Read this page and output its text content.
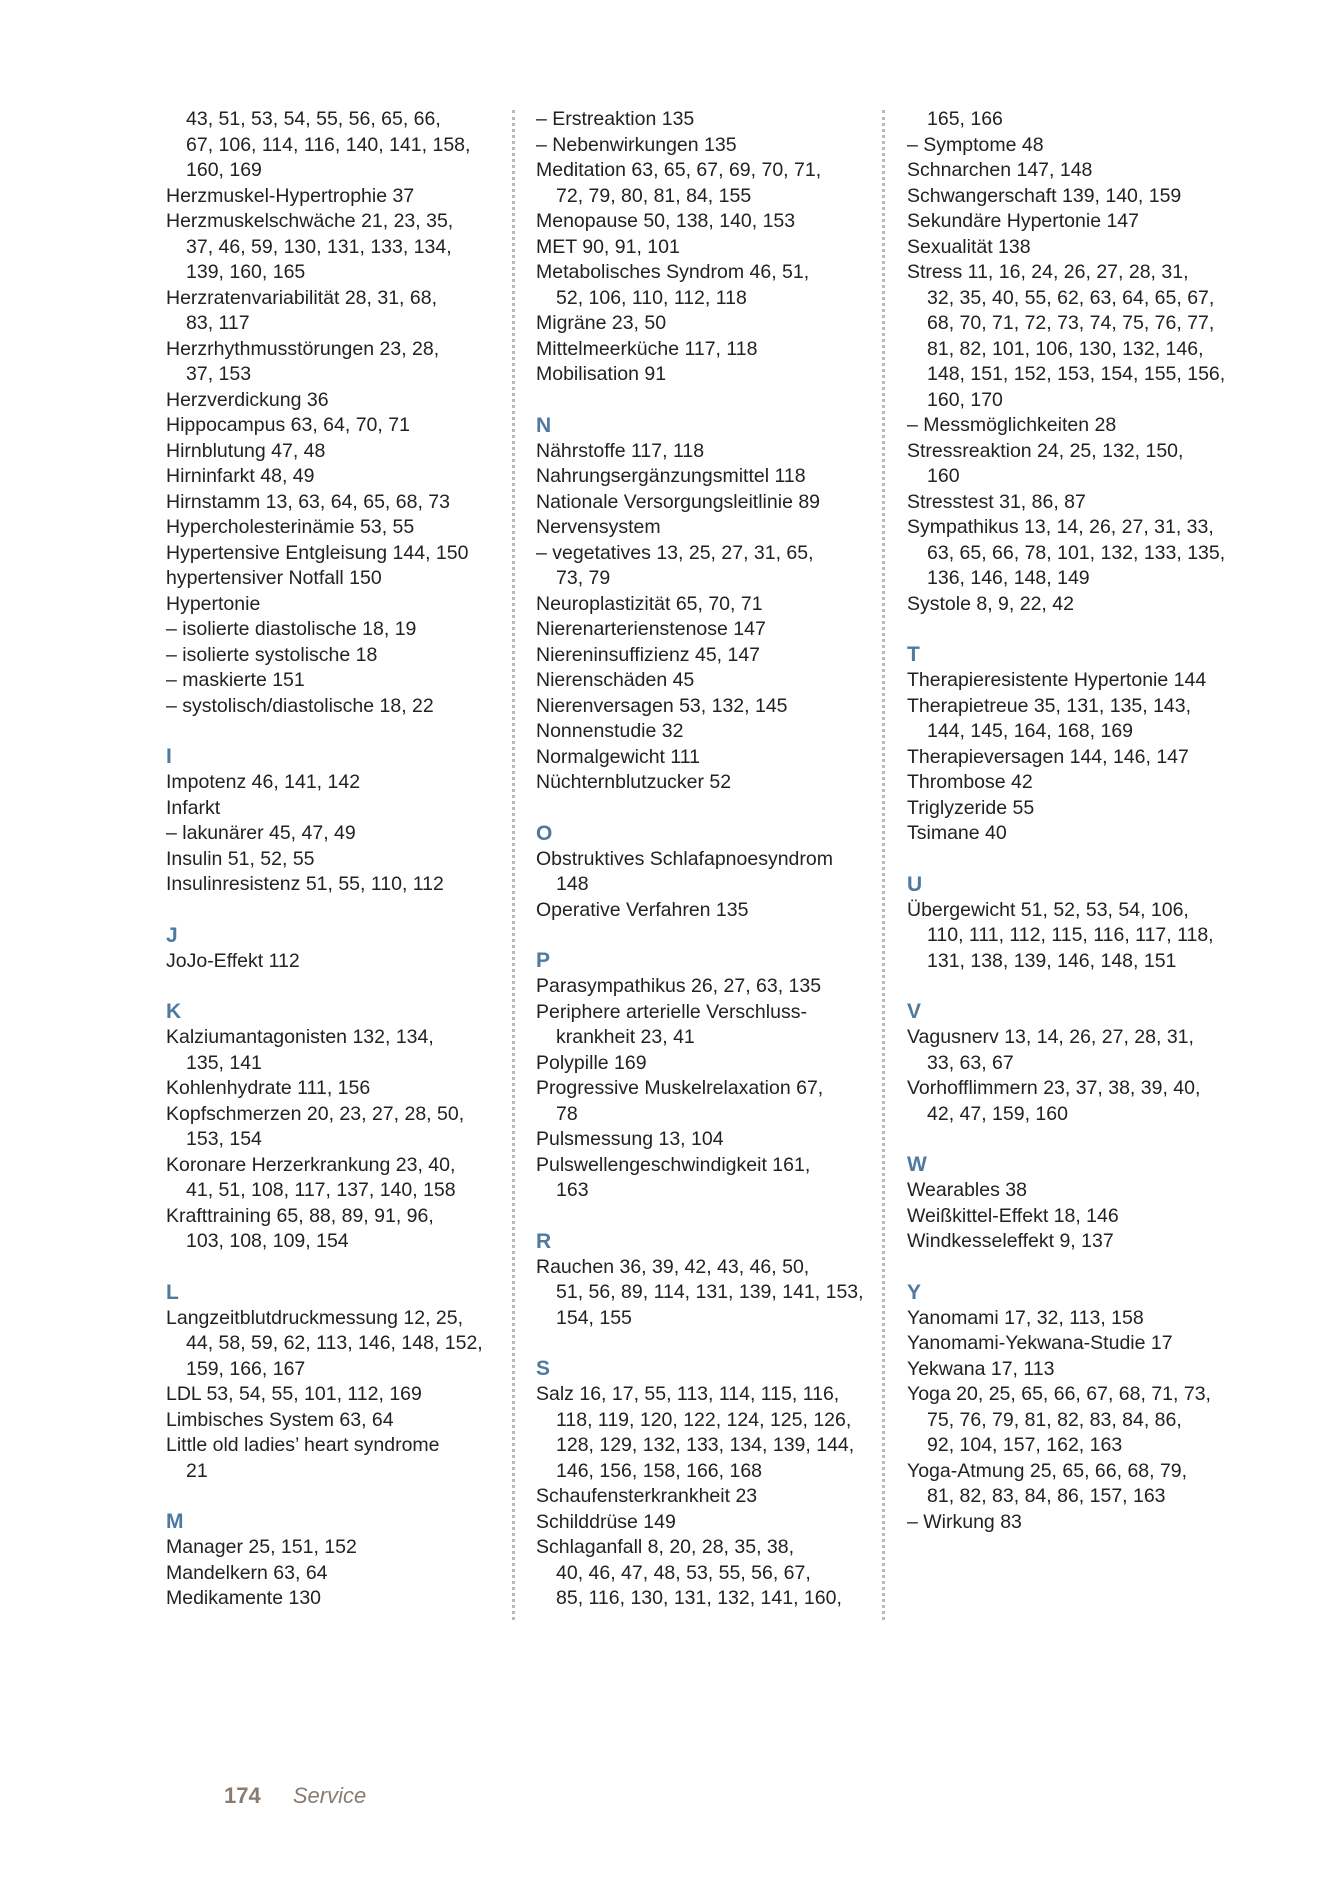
43, 51, 53, 54, 55, 56, 65, 66,
67, 106, 114, 116, 140, 141, 158,
160, 169
Herzmuskel-Hypertrophie 37
Herzmuskelschwäche 21, 23, 35,
37, 46, 59, 130, 131, 133, 134,
139, 160, 165
Herzratenvariabilität 28, 31, 68,
83, 117
Herzrhythmusstörungen 23, 28,
37, 153
Herzverdickung 36
Hippocampus 63, 64, 70, 71
Hirnblutung 47, 48
Hirninfarkt 48, 49
Hirnstamm 13, 63, 64, 65, 68, 73
Hypercholesterinämie 53, 55
Hypertensive Entgleisung 144, 150
hypertensiver Notfall 150
Hypertonie
– isolierte diastolische 18, 19
– isolierte systolische 18
– maskierte 151
– systolisch/diastolische 18, 22
I
Impotenz 46, 141, 142
Infarkt
– lakunärer 45, 47, 49
Insulin 51, 52, 55
Insulinresistenz 51, 55, 110, 112
J
JoJo-Effekt 112
K
Kalziumantagonisten 132, 134,
135, 141
Kohlenhydrate 111, 156
Kopfschmerzen 20, 23, 27, 28, 50,
153, 154
Koronare Herzerkrankung 23, 40,
41, 51, 108, 117, 137, 140, 158
Krafttraining 65, 88, 89, 91, 96,
103, 108, 109, 154
L
Langzeitblutdruckmessung 12, 25,
44, 58, 59, 62, 113, 146, 148, 152,
159, 166, 167
LDL 53, 54, 55, 101, 112, 169
Limbisches System 63, 64
Little old ladies’ heart syndrome
21
M
Manager 25, 151, 152
Mandelkern 63, 64
Medikamente 130
– Erstreaktion 135
– Nebenwirkungen 135
Meditation 63, 65, 67, 69, 70, 71,
72, 79, 80, 81, 84, 155
Menopause 50, 138, 140, 153
MET 90, 91, 101
Metabolisches Syndrom 46, 51,
52, 106, 110, 112, 118
Migräne 23, 50
Mittelmeerküche 117, 118
Mobilisation 91
N
Nährstoffe 117, 118
Nahrungsergänzungsmittel 118
Nationale Versorgungsleitlinie 89
Nervensystem
– vegetatives 13, 25, 27, 31, 65,
73, 79
Neuroplastizität 65, 70, 71
Nierenarterienstenose 147
Niereninsuffizienz 45, 147
Nierenschäden 45
Nierenversagen 53, 132, 145
Nonnenstudie 32
Normalgewicht 111
Nüchternblutzucker 52
O
Obstruktives Schlafapnoesyndrom
148
Operative Verfahren 135
P
Parasympathikus 26, 27, 63, 135
Periphere arterielle Verschluss-
krankheit 23, 41
Polypille 169
Progressive Muskelrelaxation 67,
78
Pulsmessung 13, 104
Pulswellengeschwindigkeit 161,
163
R
Rauchen 36, 39, 42, 43, 46, 50,
51, 56, 89, 114, 131, 139, 141, 153,
154, 155
S
Salz 16, 17, 55, 113, 114, 115, 116,
118, 119, 120, 122, 124, 125, 126,
128, 129, 132, 133, 134, 139, 144,
146, 156, 158, 166, 168
Schaufensterkrankheit 23
Schilddrüse 149
Schlaganfall 8, 20, 28, 35, 38,
40, 46, 47, 48, 53, 55, 56, 67,
85, 116, 130, 131, 132, 141, 160,
165, 166
– Symptome 48
Schnarchen 147, 148
Schwangerschaft 139, 140, 159
Sekundäre Hypertonie 147
Sexualität 138
Stress 11, 16, 24, 26, 27, 28, 31,
32, 35, 40, 55, 62, 63, 64, 65, 67,
68, 70, 71, 72, 73, 74, 75, 76, 77,
81, 82, 101, 106, 130, 132, 146,
148, 151, 152, 153, 154, 155, 156,
160, 170
– Messmöglichkeiten 28
Stressreaktion 24, 25, 132, 150,
160
Stresstest 31, 86, 87
Sympathikus 13, 14, 26, 27, 31, 33,
63, 65, 66, 78, 101, 132, 133, 135,
136, 146, 148, 149
Systole 8, 9, 22, 42
T
Therapieresistente Hypertonie 144
Therapietreue 35, 131, 135, 143,
144, 145, 164, 168, 169
Therapieversagen 144, 146, 147
Thrombose 42
Triglyzeride 55
Tsimane 40
U
Übergewicht 51, 52, 53, 54, 106,
110, 111, 112, 115, 116, 117, 118,
131, 138, 139, 146, 148, 151
V
Vagusnerv 13, 14, 26, 27, 28, 31,
33, 63, 67
Vorhofflimmern 23, 37, 38, 39, 40,
42, 47, 159, 160
W
Wearables 38
Weißkittel-Effekt 18, 146
Windkesseleffekt 9, 137
Y
Yanomami 17, 32, 113, 158
Yanomami-Yekwana-Studie 17
Yekwana 17, 113
Yoga 20, 25, 65, 66, 67, 68, 71, 73,
75, 76, 79, 81, 82, 83, 84, 86,
92, 104, 157, 162, 163
Yoga-Atmung 25, 65, 66, 68, 79,
81, 82, 83, 84, 86, 157, 163
– Wirkung 83
174 Service
